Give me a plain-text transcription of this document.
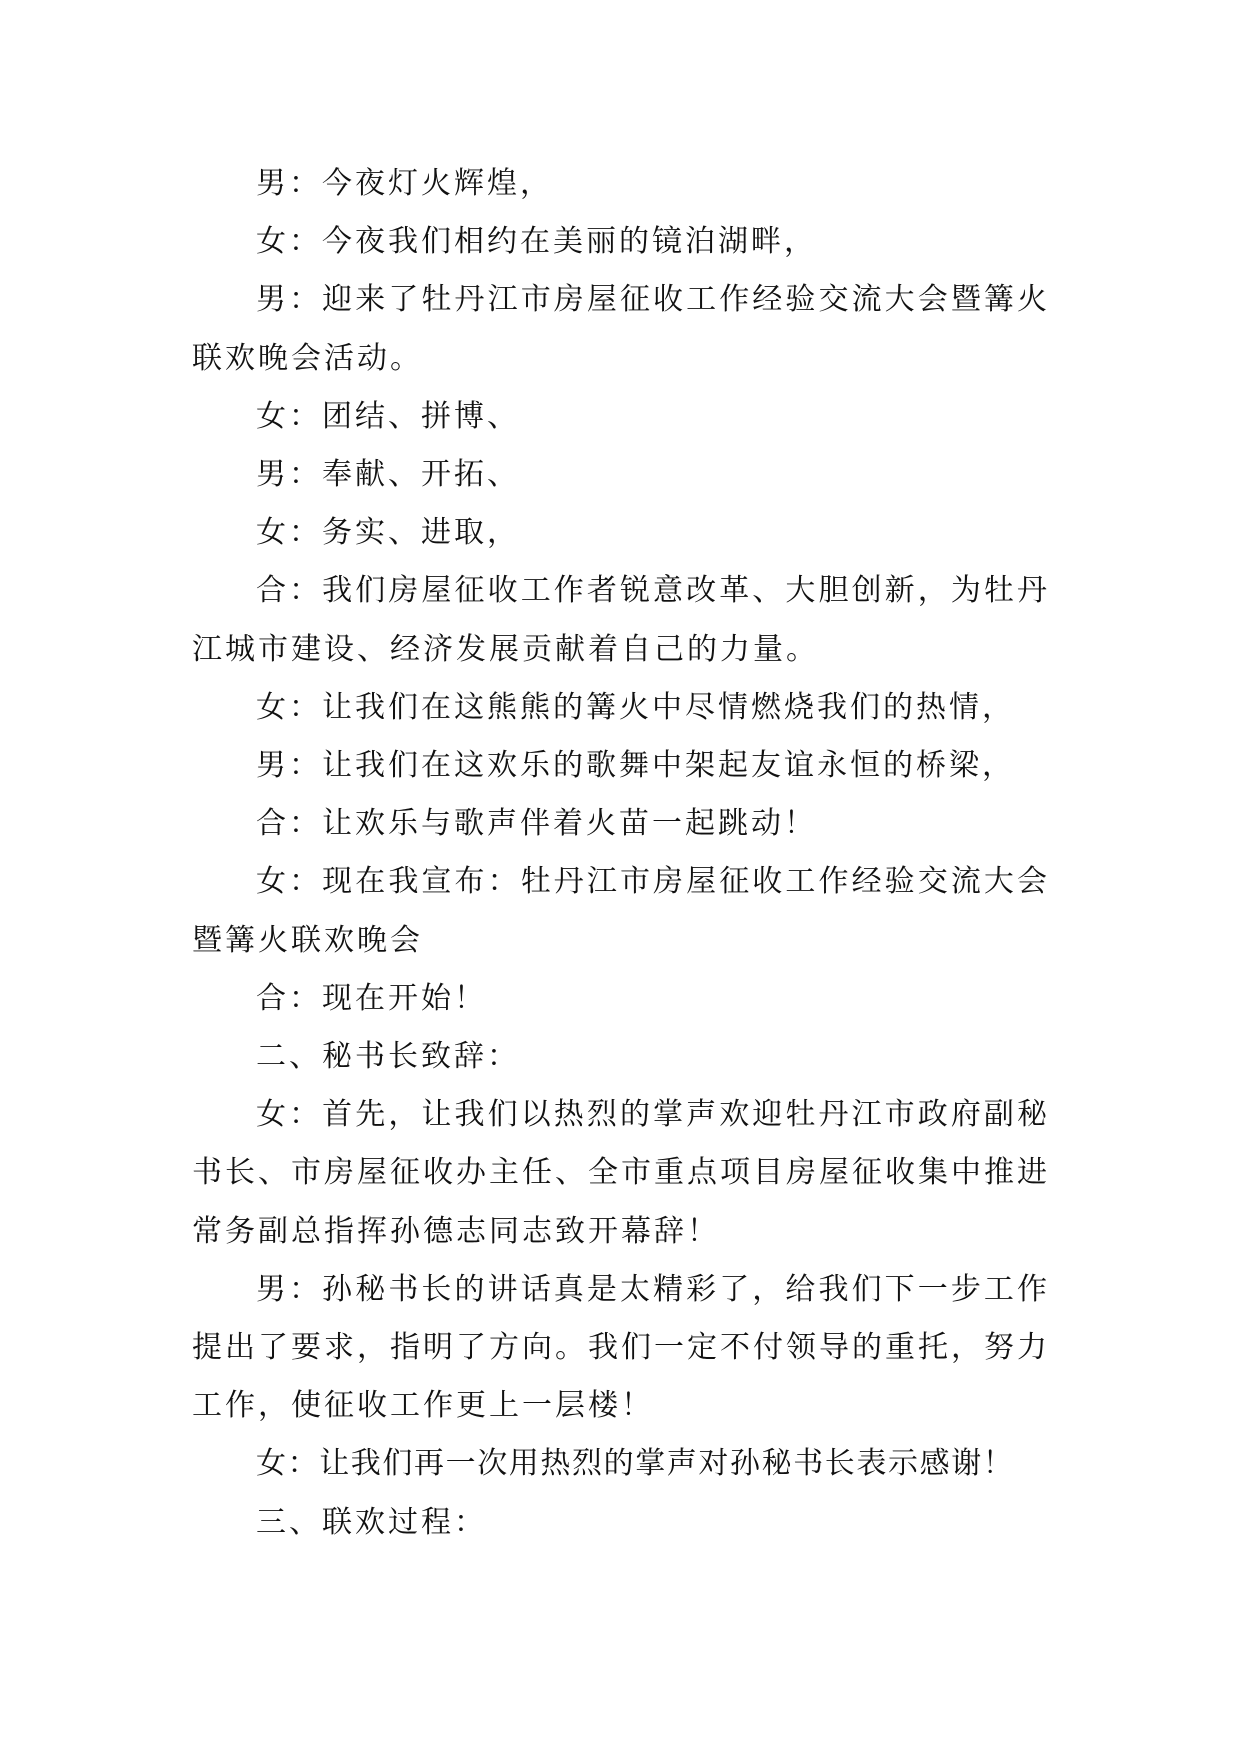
男：今夜灯火辉煌，

女：今夜我们相约在美丽的镜泊湖畔，

男：迎来了牡丹江市房屋征收工作经验交流大会暨篝火联欢晚会活动。

女：团结、拼博、

男：奉献、开拓、

女：务实、进取，

合：我们房屋征收工作者锐意改革、大胆创新，为牡丹江城市建设、经济发展贡献着自己的力量。

女：让我们在这熊熊的篝火中尽情燃烧我们的热情，

男：让我们在这欢乐的歌舞中架起友谊永恒的桥梁，

合：让欢乐与歌声伴着火苗一起跳动！

女：现在我宣布：牡丹江市房屋征收工作经验交流大会暨篝火联欢晚会

合：现在开始！

二、秘书长致辞：

女：首先，让我们以热烈的掌声欢迎牡丹江市政府副秘书长、市房屋征收办主任、全市重点项目房屋征收集中推进常务副总指挥孙德志同志致开幕辞！

男：孙秘书长的讲话真是太精彩了，给我们下一步工作提出了要求，指明了方向。我们一定不付领导的重托，努力工作，使征收工作更上一层楼！

女：让我们再一次用热烈的掌声对孙秘书长表示感谢！

三、联欢过程：
